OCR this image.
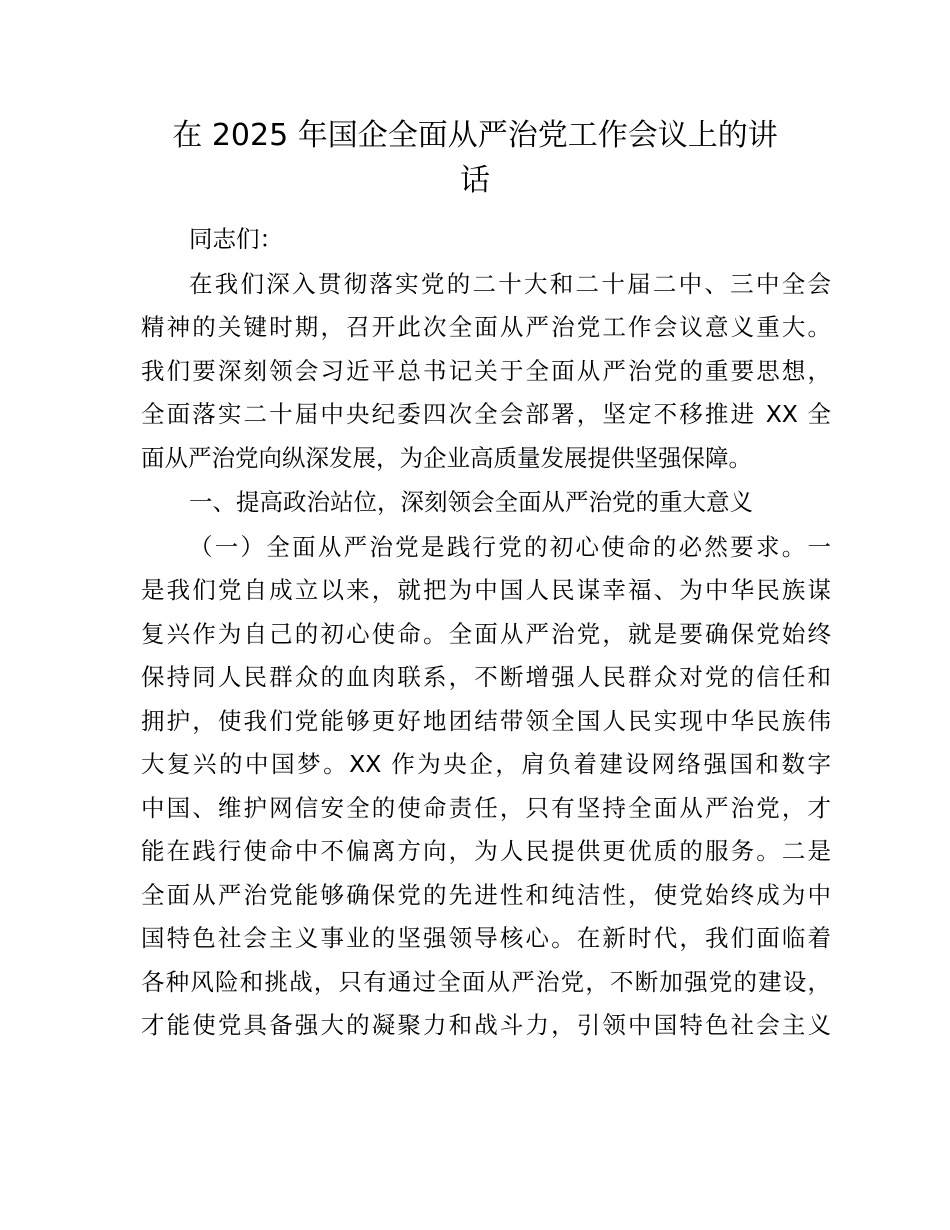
在 2025 年国企全面从严治党工作会议上的讲
话
同志们：
在我们深入贯彻落实党的二十大和二十届二中、三中全会
精神的关键时期，召开此次全面从严治党工作会议意义重大。
我们要深刻领会习近平总书记关于全面从严治党的重要思想，
全面落实二十届中央纪委四次全会部署，坚定不移推进 XX 全
面从严治党向纵深发展，为企业高质量发展提供坚强保障。
一、提高政治站位，深刻领会全面从严治党的重大意义
（一）全面从严治党是践行党的初心使命的必然要求。一
是我们党自成立以来，就把为中国人民谋幸福、为中华民族谋
复兴作为自己的初心使命。全面从严治党，就是要确保党始终
保持同人民群众的血肉联系，不断增强人民群众对党的信任和
拥护，使我们党能够更好地团结带领全国人民实现中华民族伟
大复兴的中国梦。XX 作为央企，肩负着建设网络强国和数字
中国、维护网信安全的使命责任，只有坚持全面从严治党，才
能在践行使命中不偏离方向，为人民提供更优质的服务。二是
全面从严治党能够确保党的先进性和纯洁性，使党始终成为中
国特色社会主义事业的坚强领导核心。在新时代，我们面临着
各种风险和挑战，只有通过全面从严治党，不断加强党的建设，
才能使党具备强大的凝聚力和战斗力，引领中国特色社会主义
